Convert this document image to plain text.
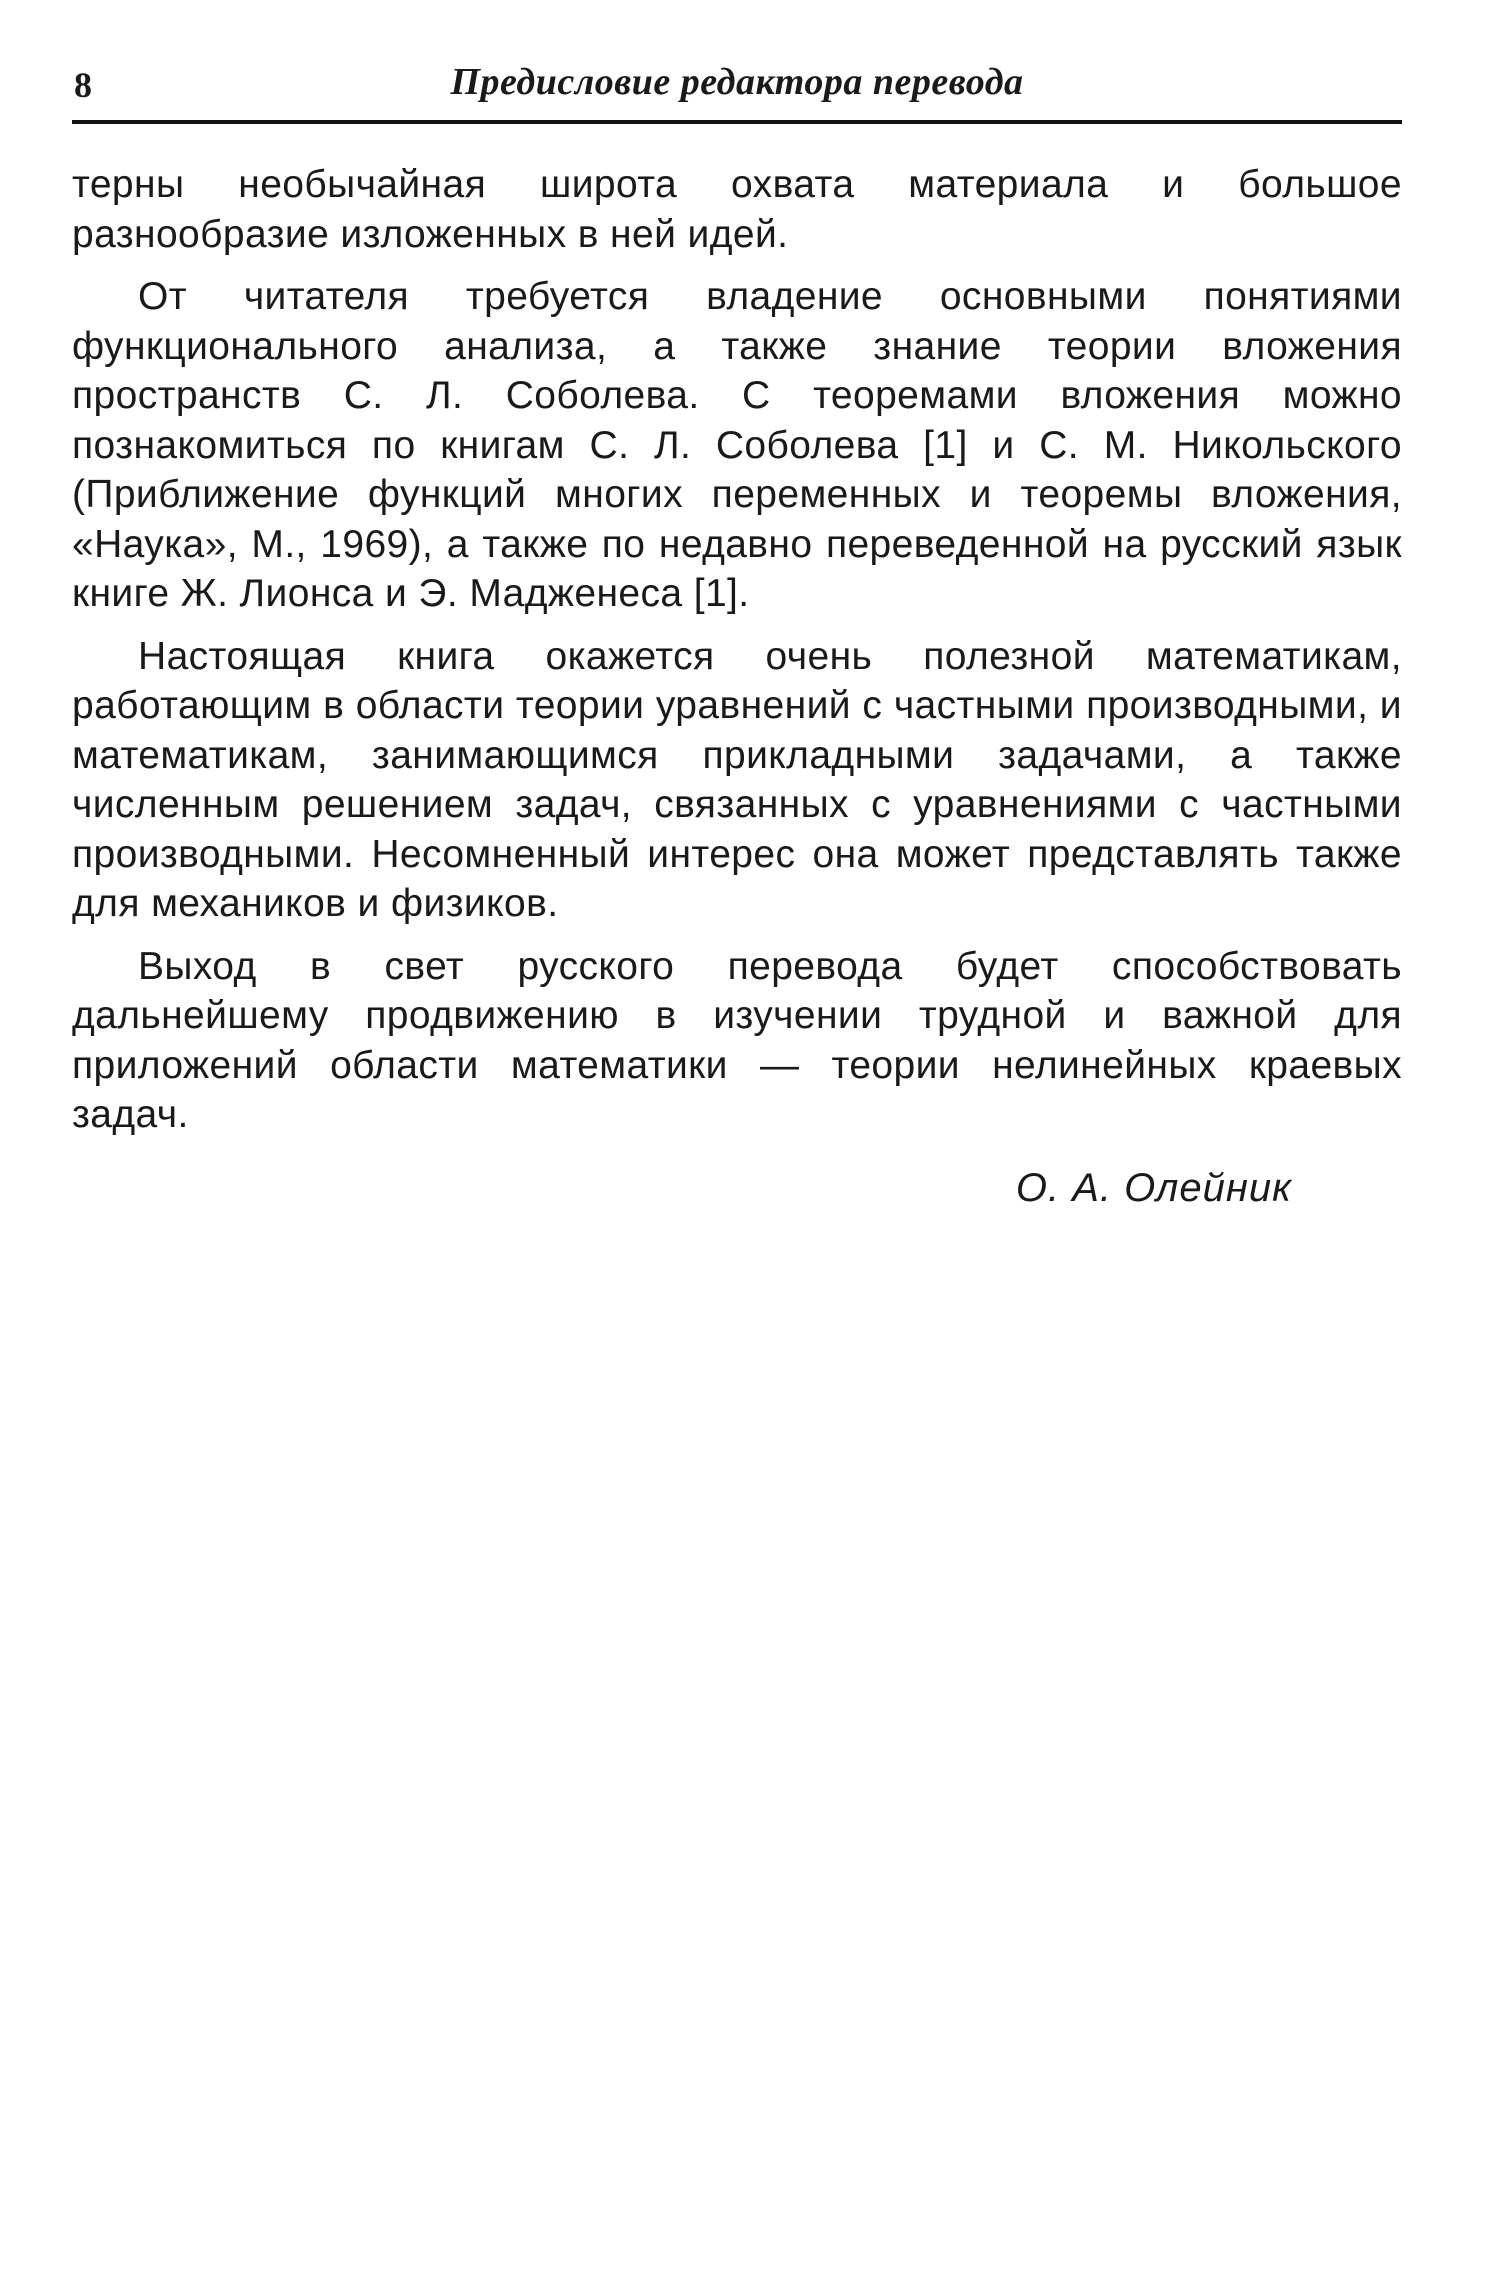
8	Предисловие редактора перевода

терны необычайная широта охвата материала и большое разнообразие изложенных в ней идей.

От читателя требуется владение основными понятиями функционального анализа, а также знание теории вложения пространств С. Л. Соболева. С теоремами вложения можно познакомиться по книгам С. Л. Соболева [1] и С. М. Никольского (Приближение функций многих переменных и теоремы вложения, «Наука», М., 1969), а также по недавно переведенной на русский язык книге Ж. Лионса и Э. Мадженеса [1].

Настоящая книга окажется очень полезной математикам, работающим в области теории уравнений с частными производными, и математикам, занимающимся прикладными задачами, а также численным решением задач, связанных с уравнениями с частными производными. Несомненный интерес она может представлять также для механиков и физиков.

Выход в свет русского перевода будет способствовать дальнейшему продвижению в изучении трудной и важной для приложений области математики — теории нелинейных краевых задач.

О. А. Олейник
